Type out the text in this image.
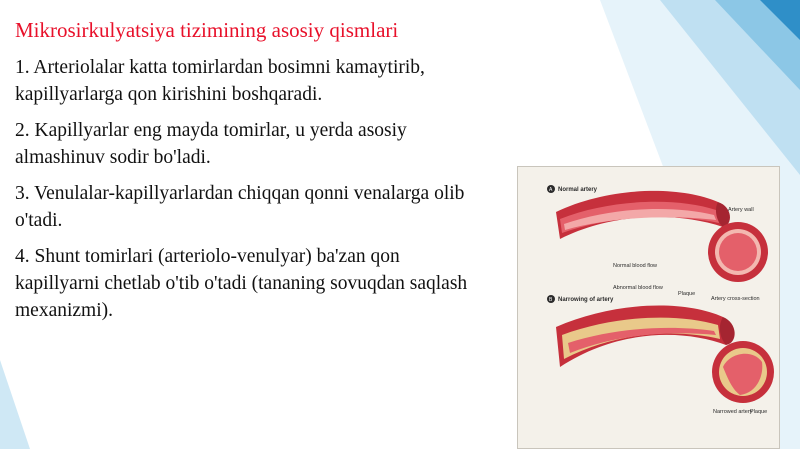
Mikrosirkulyatsiya tizimining asosiy qismlari

1. Arteriolalar katta tomirlardan bosimni kamaytirib, kapillyarlarga qon kirishini boshqaradi.

2. Kapillyarlar eng mayda tomirlar, u yerda asosiy almashinuv sodir bo'ladi.

3. Venulalar-kapillyarlardan chiqqan qonni venalarga olib o'tadi.

4. Shunt tomirlari (arteriolo-venulyar) ba'zan qon kapillyarni chetlab o'tib o'tadi (tananing sovuqdan saqlash mexanizmi).

A Normal artery
Artery wall
Normal blood flow
Artery cross-section
B Narrowing of artery
Abnormal blood flow
Plaque
Narrowed artery
Plaque
